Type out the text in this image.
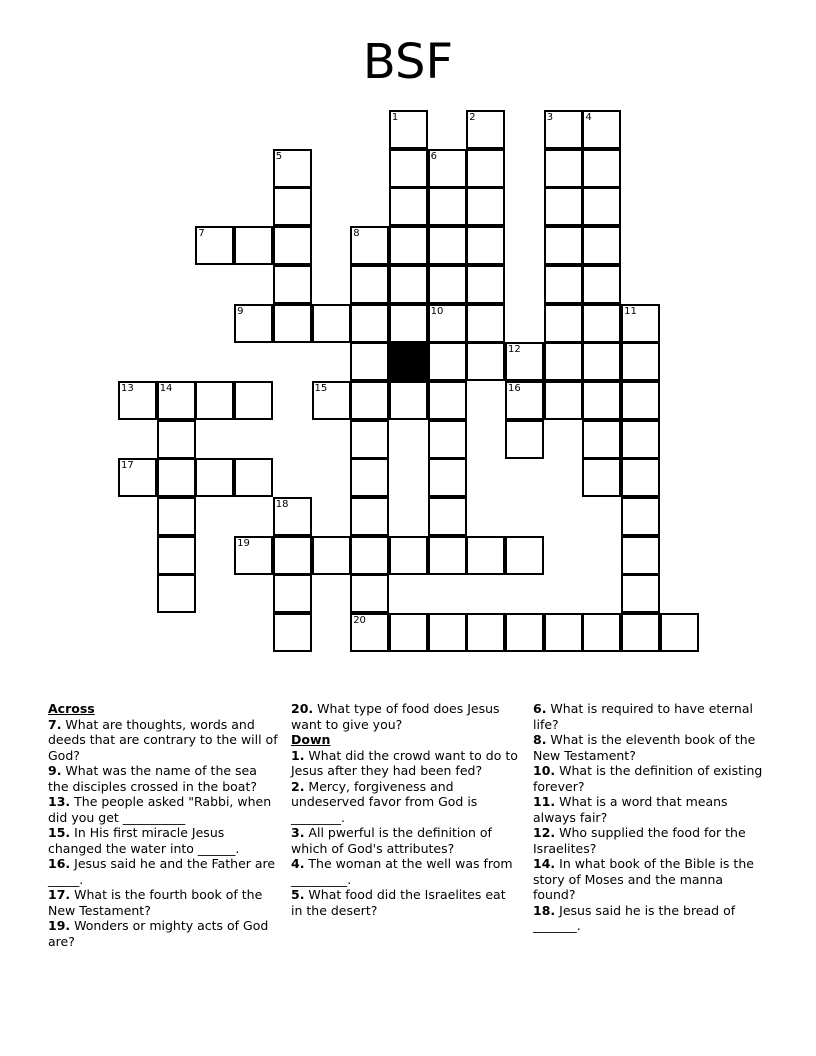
BSF
1	2	3	4
5	6
7	8
9	10	11
12
13	14	15	16
17
18
19
20
Across
7. What are thoughts, words and deeds that are contrary to the will of God?
9. What was the name of the sea the disciples crossed in the boat?
13. The people asked "Rabbi, when did you get __________
15. In His first miracle Jesus changed the water into ______.
16. Jesus said he and the Father are _____.
17. What is the fourth book of the New Testament?
19. Wonders or mighty acts of God are?
20. What type of food does Jesus want to give you?
Down
1. What did the crowd want to do to Jesus after they had been fed?
2. Mercy, forgiveness and undeserved favor from God is ________.
3. All pwerful is the definition of which of God's attributes?
4. The woman at the well was from _________.
5. What food did the Israelites eat in the desert?
6. What is required to have eternal life?
8. What is the eleventh book of the New Testament?
10. What is the definition of existing forever?
11. What is a word that means always fair?
12. Who supplied the food for the Israelites?
14. In what book of the Bible is the story of Moses and the manna found?
18. Jesus said he is the bread of _______.
